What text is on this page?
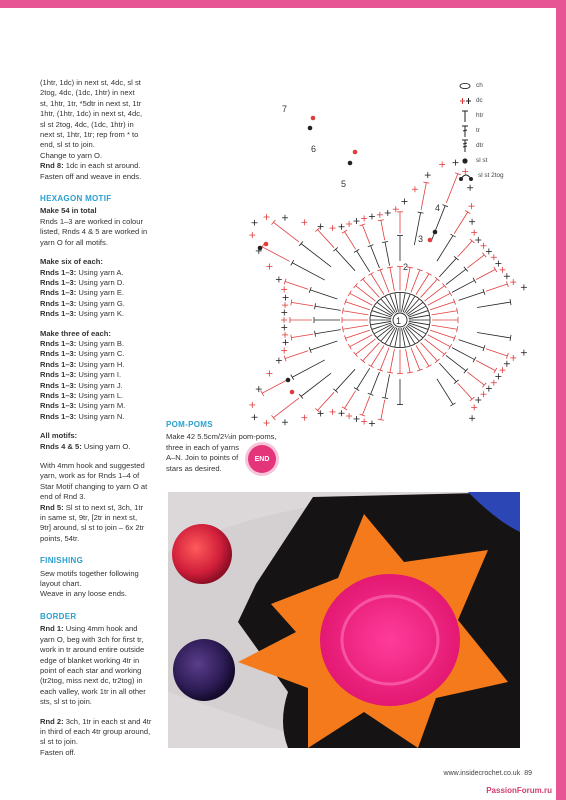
(1htr, 1dc) in next st, 4dc, sl st
2tog, 4dc, (1dc, 1htr) in next
st, 1htr, 1tr, *5dtr in next st, 1tr
1htr, (1htr, 1dc) in next st, 4dc,
sl st 2tog, 4dc, (1dc, 1htr) in
next st, 1htr, 1tr; rep from * to
end, sl st to join.
Change to yarn O.
Rnd 8: 1dc in each st around.
Fasten off and weave in ends.

HEXAGON MOTIF
Make 54 in total

Rnds 1–3 are worked in colour
listed, Rnds 4 & 5 are worked in
yarn O for all motifs.

Make six of each:

Rnds 1–3: Using yarn A.
Rnds 1–3: Using yarn D.
Rnds 1–3: Using yarn E.
Rnds 1–3: Using yarn G.
Rnds 1–3: Using yarn K.

Make three of each:

Rnds 1–3: Using yarn B.
Rnds 1–3: Using yarn C.
Rnds 1–3: Using yarn H.
Rnds 1–3: Using yarn I.
Rnds 1–3: Using yarn J.
Rnds 1–3: Using yarn L.
Rnds 1–3: Using yarn M.
Rnds 1–3: Using yarn N.

All motifs:

Rnds 4 & 5: Using yarn O.

With 4mm hook and suggested
yarn, work as for Rnds 1–4 of
Star Motif changing to yarn O at
end of Rnd 3.
Rnd 5: Sl st to next st, 3ch, 1tr
in same st, 9tr, [2tr in next st,
9tr] around, sl st to join – 6x 2tr
points, 54tr.

FINISHING

Sew motifs together following
layout chart.
Weave in any loose ends.

BORDER

Rnd 1: Using 4mm hook and
yarn O, beg with 3ch for first tr,
work in tr around entire outside
edge of blanket working 4tr in
point of each star and working
(tr2tog, miss next dc, tr2tog) in
each valley, work 1tr in all other
sts, sl st to join.

Rnd 2: 3ch, 1tr in each st and 4tr
in third of each 4tr group around,
sl st to join.
Fasten off.

1
2
3
4
5
6
7
ch
dc
htr
tr
dtr
sl st
sl st 2tog
POM-POMS
Make 42 5.5cm/2¼in pom-poms,
three in each of yarns
A–N. Join to points of
stars as desired.
END
www.insidecrochet.co.uk 89
PassionForum.ru
